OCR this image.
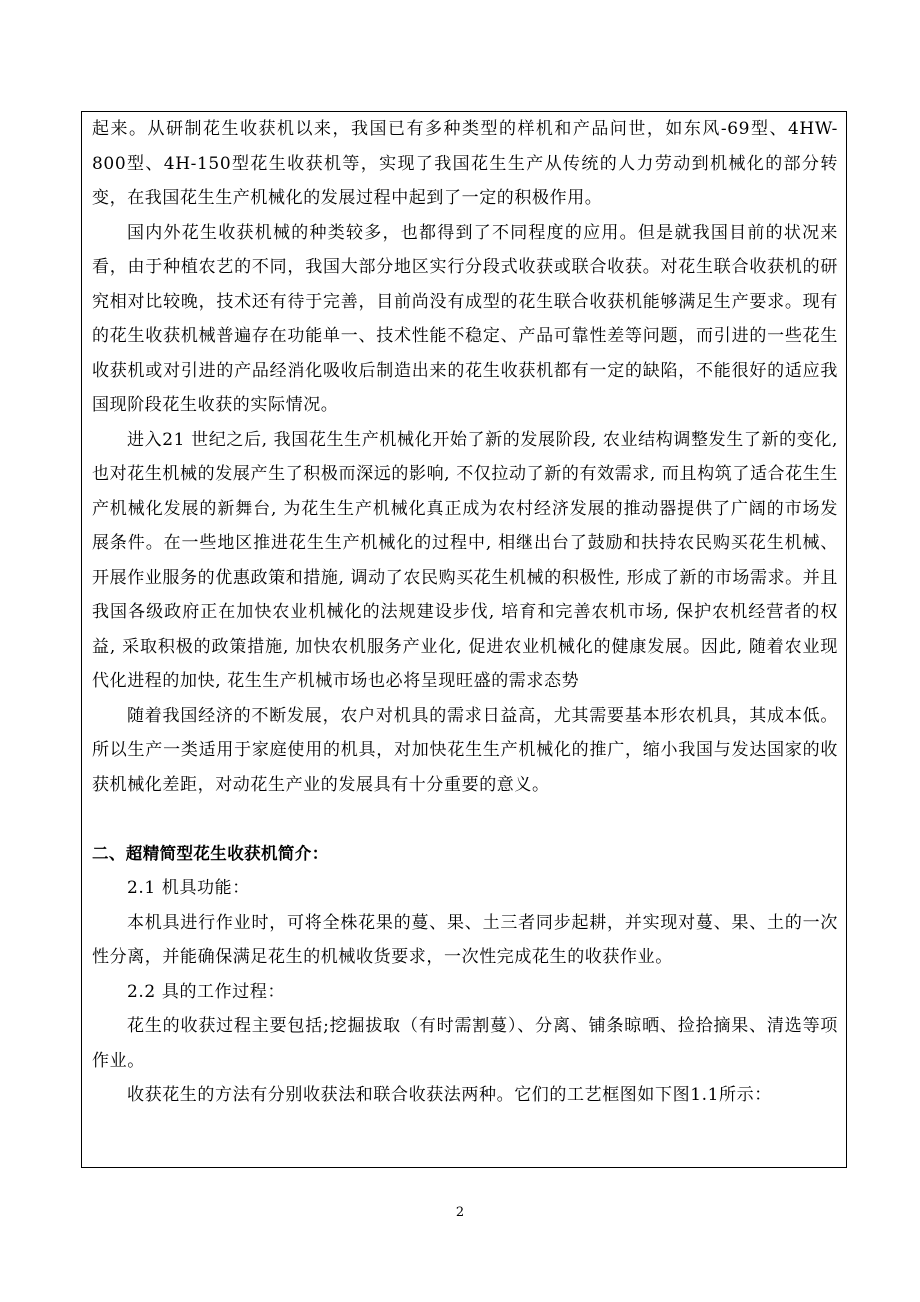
起来。从研制花生收获机以来，我国已有多种类型的样机和产品问世，如东风-69型、4HW-800型、4H-150型花生收获机等，实现了我国花生生产从传统的人力劳动到机械化的部分转变，在我国花生生产机械化的发展过程中起到了一定的积极作用。

国内外花生收获机械的种类较多，也都得到了不同程度的应用。但是就我国目前的状况来看，由于种植农艺的不同，我国大部分地区实行分段式收获或联合收获。对花生联合收获机的研究相对比较晚，技术还有待于完善，目前尚没有成型的花生联合收获机能够满足生产要求。现有的花生收获机械普遍存在功能单一、技术性能不稳定、产品可靠性差等问题，而引进的一些花生收获机或对引进的产品经消化吸收后制造出来的花生收获机都有一定的缺陷，不能很好的适应我国现阶段花生收获的实际情况。

进入21 世纪之后, 我国花生生产机械化开始了新的发展阶段, 农业结构调整发生了新的变化, 也对花生机械的发展产生了积极而深远的影响, 不仅拉动了新的有效需求, 而且构筑了适合花生生产机械化发展的新舞台, 为花生生产机械化真正成为农村经济发展的推动器提供了广阔的市场发展条件。在一些地区推进花生生产机械化的过程中, 相继出台了鼓励和扶持农民购买花生机械、开展作业服务的优惠政策和措施, 调动了农民购买花生机械的积极性, 形成了新的市场需求。并且我国各级政府正在加快农业机械化的法规建设步伐, 培育和完善农机市场, 保护农机经营者的权益, 采取积极的政策措施, 加快农机服务产业化, 促进农业机械化的健康发展。因此, 随着农业现代化进程的加快, 花生生产机械市场也必将呈现旺盛的需求态势

随着我国经济的不断发展，农户对机具的需求日益高，尤其需要基本形农机具，其成本低。所以生产一类适用于家庭使用的机具，对加快花生生产机械化的推广，缩小我国与发达国家的收获机械化差距，对动花生产业的发展具有十分重要的意义。

二、超精简型花生收获机简介：

2.1 机具功能：

本机具进行作业时，可将全株花果的蔓、果、土三者同步起耕，并实现对蔓、果、土的一次性分离，并能确保满足花生的机械收货要求，一次性完成花生的收获作业。

2.2 具的工作过程：

花生的收获过程主要包括;挖掘拔取（有时需割蔓）、分离、铺条晾晒、捡拾摘果、清选等项作业。

收获花生的方法有分别收获法和联合收获法两种。它们的工艺框图如下图1.1所示：

2
